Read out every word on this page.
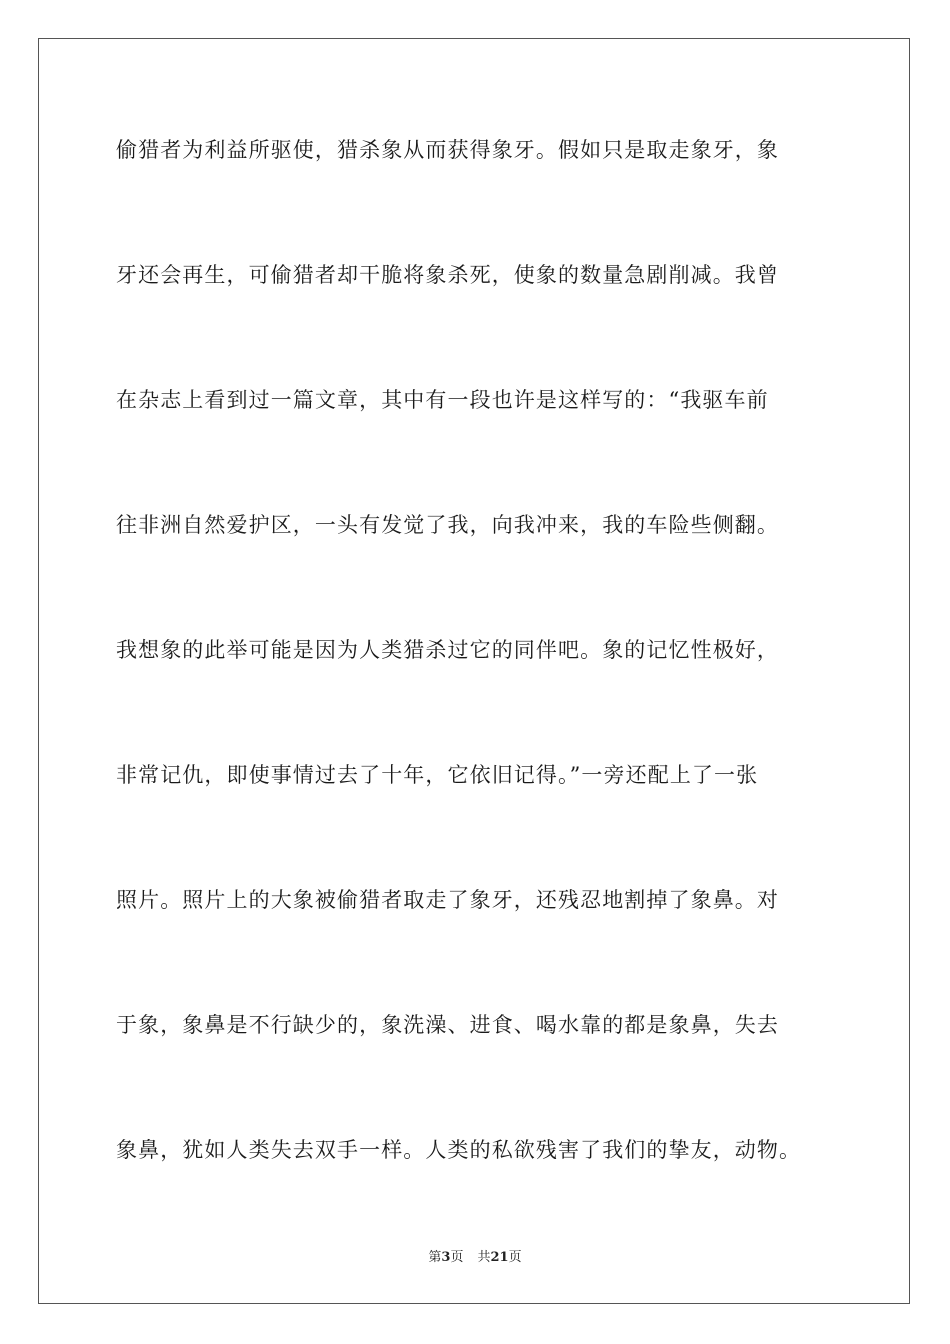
偷猎者为利益所驱使，猎杀象从而获得象牙。假如只是取走象牙，象
牙还会再生，可偷猎者却干脆将象杀死，使象的数量急剧削减。我曾
在杂志上看到过一篇文章，其中有一段也许是这样写的：“我驱车前
往非洲自然爱护区，一头有发觉了我，向我冲来，我的车险些侧翻。
我想象的此举可能是因为人类猎杀过它的同伴吧。象的记忆性极好，
非常记仇，即使事情过去了十年，它依旧记得。”一旁还配上了一张
照片。照片上的大象被偷猎者取走了象牙，还残忍地割掉了象鼻。对
于象，象鼻是不行缺少的，象洗澡、进食、喝水靠的都是象鼻，失去
象鼻，犹如人类失去双手一样。人类的私欲残害了我们的挚友，动物。
第3页 共21页
